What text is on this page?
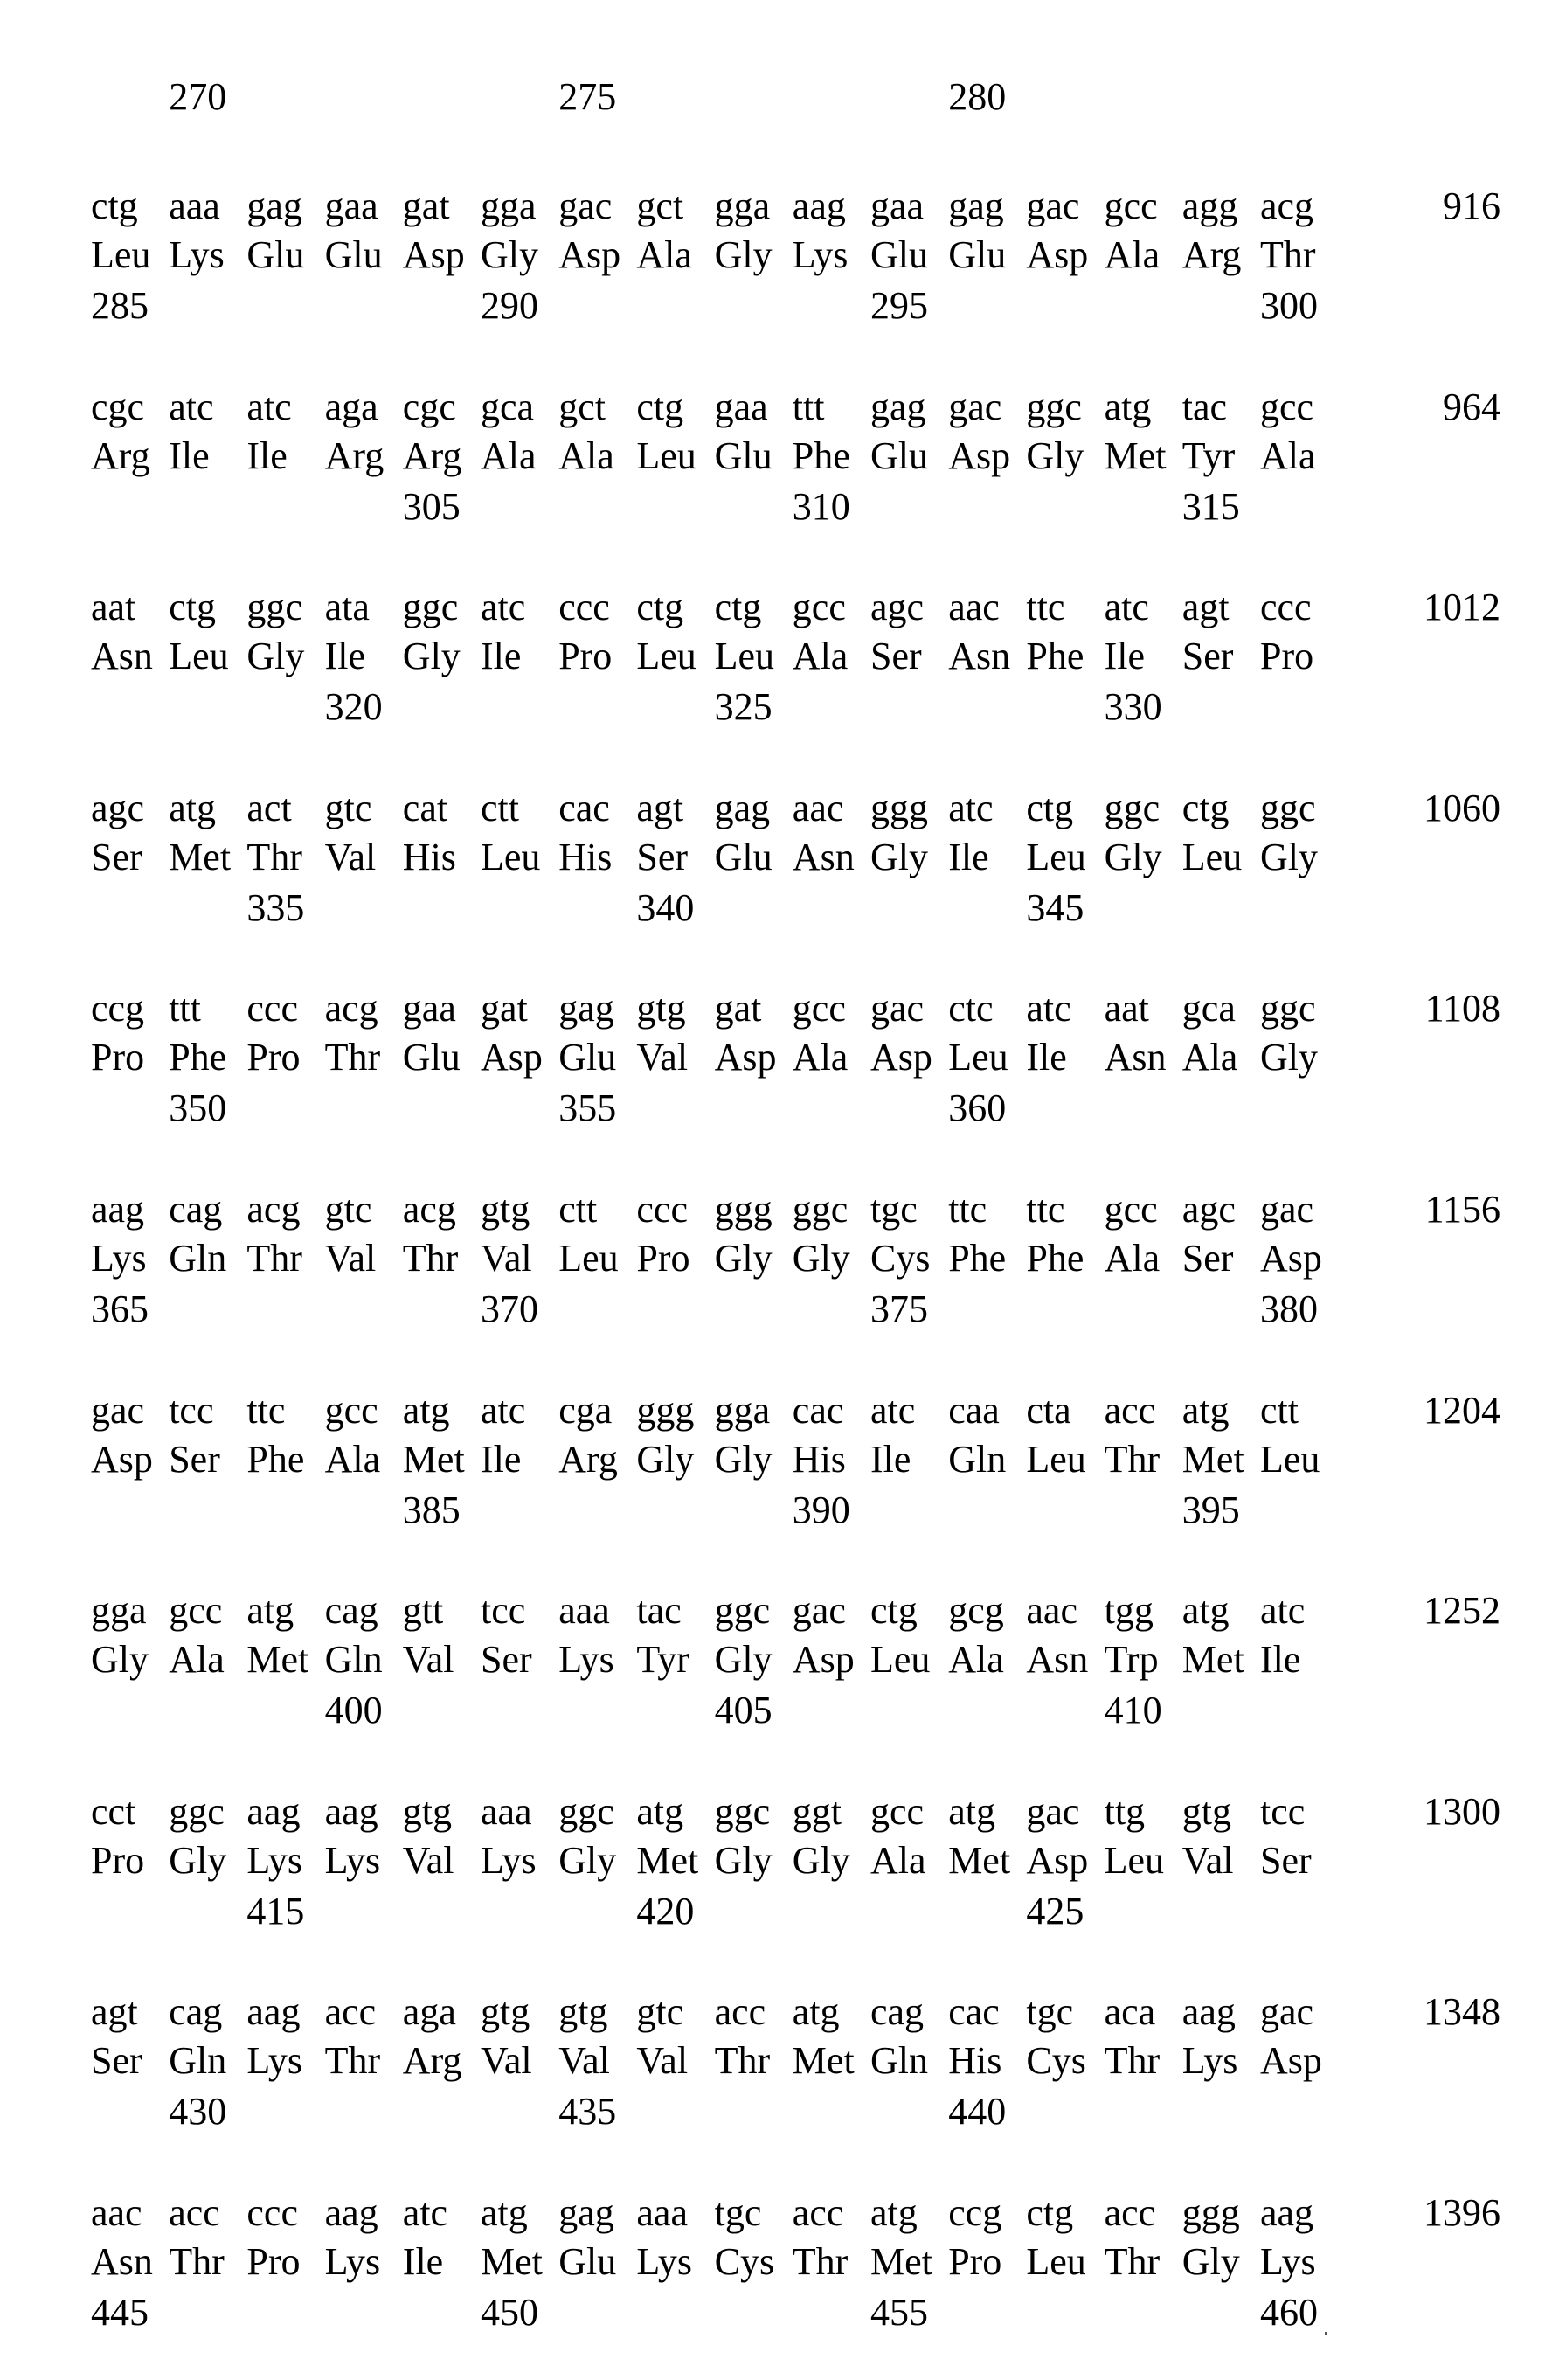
270	275	280
ctg aaa gag gaa gat gga gac gct gga aag gaa gag gac gcc agg acg
Leu Lys Glu Glu Asp Gly Asp Ala Gly Lys Glu Glu Asp Ala Arg Thr
285	290	295	300
916
cgc atc atc aga cgc gca gct ctg gaa ttt gag gac ggc atg tac gcc
Arg Ile Ile Arg Arg Ala Ala Leu Glu Phe Glu Asp Gly Met Tyr Ala
305	310	315
964
aat ctg ggc ata ggc atc ccc ctg ctg gcc agc aac ttc atc agt ccc
Asn Leu Gly Ile Gly Ile Pro Leu Leu Ala Ser Asn Phe Ile Ser Pro
320	325	330
1012
agc atg act gtc cat ctt cac agt gag aac ggg atc ctg ggc ctg ggc
Ser Met Thr Val His Leu His Ser Glu Asn Gly Ile Leu Gly Leu Gly
335	340	345
1060
ccg ttt ccc acg gaa gat gag gtg gat gcc gac ctc atc aat gca ggc
Pro Phe Pro Thr Glu Asp Glu Val Asp Ala Asp Leu Ile Asn Ala Gly
350	355	360
1108
aag cag acg gtc acg gtg ctt ccc ggg ggc tgc ttc ttc gcc agc gac
Lys Gln Thr Val Thr Val Leu Pro Gly Gly Cys Phe Phe Ala Ser Asp
365	370	375	380
1156
gac tcc ttc gcc atg atc cga ggg gga cac atc caa cta acc atg ctt
Asp Ser Phe Ala Met Ile Arg Gly Gly His Ile Gln Leu Thr Met Leu
385	390	395
1204
gga gcc atg cag gtt tcc aaa tac ggc gac ctg gcg aac tgg atg atc
Gly Ala Met Gln Val Ser Lys Tyr Gly Asp Leu Ala Asn Trp Met Ile
400	405	410
1252
cct ggc aag aag gtg aaa ggc atg ggc ggt gcc atg gac ttg gtg tcc
Pro Gly Lys Lys Val Lys Gly Met Gly Gly Ala Met Asp Leu Val Ser
415	420	425
1300
agt cag aag acc aga gtg gtg gtc acc atg cag cac tgc aca aag gac
Ser Gln Lys Thr Arg Val Val Val Thr Met Gln His Cys Thr Lys Asp
430	435	440
1348
aac acc ccc aag atc atg gag aaa tgc acc atg ccg ctg acc ggg aag
Asn Thr Pro Lys Ile Met Glu Lys Cys Thr Met Pro Leu Thr Gly Lys
445	450	455	460
1396
